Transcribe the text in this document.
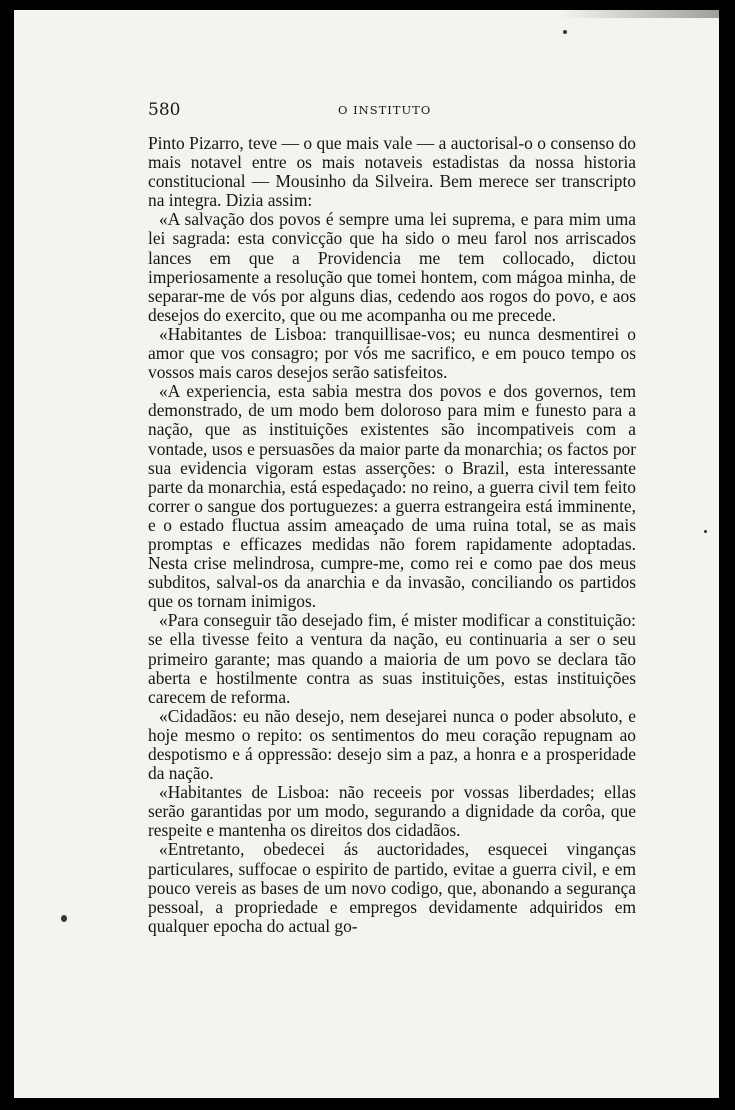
580	O INSTITUTO

Pinto Pizarro, teve — o que mais vale — a auctorisal-o o consenso do mais notavel entre os mais notaveis estadistas da nossa historia constitucional — Mousinho da Silveira. Bem merece ser transcripto na integra. Dizia assim:

«A salvação dos povos é sempre uma lei suprema, e para mim uma lei sagrada: esta convicção que ha sido o meu farol nos arriscados lances em que a Providencia me tem collocado, dictou imperiosamente a resolução que tomei hontem, com mágoa minha, de separar-me de vós por alguns dias, cedendo aos rogos do povo, e aos desejos do exercito, que ou me acompanha ou me precede.

«Habitantes de Lisboa: tranquillisae-vos; eu nunca desmentirei o amor que vos consagro; por vós me sacrifico, e em pouco tempo os vossos mais caros desejos serão satisfeitos.

«A experiencia, esta sabia mestra dos povos e dos governos, tem demonstrado, de um modo bem doloroso para mim e funesto para a nação, que as instituições existentes são incompativeis com a vontade, usos e persuasões da maior parte da monarchia; os factos por sua evidencia vigoram estas asserções: o Brazil, esta interessante parte da monarchia, está espedaçado: no reino, a guerra civil tem feito correr o sangue dos portuguezes: a guerra estrangeira está imminente, e o estado fluctua assim ameaçado de uma ruina total, se as mais promptas e efficazes medidas não forem rapidamente adoptadas. Nesta crise melindrosa, cumpre-me, como rei e como pae dos meus subditos, salval-os da anarchia e da invasão, conciliando os partidos que os tornam inimigos.

«Para conseguir tão desejado fim, é mister modificar a constituição: se ella tivesse feito a ventura da nação, eu continuaria a ser o seu primeiro garante; mas quando a maioria de um povo se declara tão aberta e hostilmente contra as suas instituições, estas instituições carecem de reforma.

«Cidadãos: eu não desejo, nem desejarei nunca o poder absoluto, e hoje mesmo o repito: os sentimentos do meu coração repugnam ao despotismo e á oppressão: desejo sim a paz, a honra e a prosperidade da nação.

«Habitantes de Lisboa: não receeis por vossas liberdades; ellas serão garantidas por um modo, segurando a dignidade da corôa, que respeite e mantenha os direitos dos cidadãos.

«Entretanto, obedecei ás auctoridades, esquecei vinganças particulares, suffocae o espirito de partido, evitae a guerra civil, e em pouco vereis as bases de um novo codigo, que, abonando a segurança pessoal, a propriedade e empregos devidamente adquiridos em qualquer epocha do actual go-
